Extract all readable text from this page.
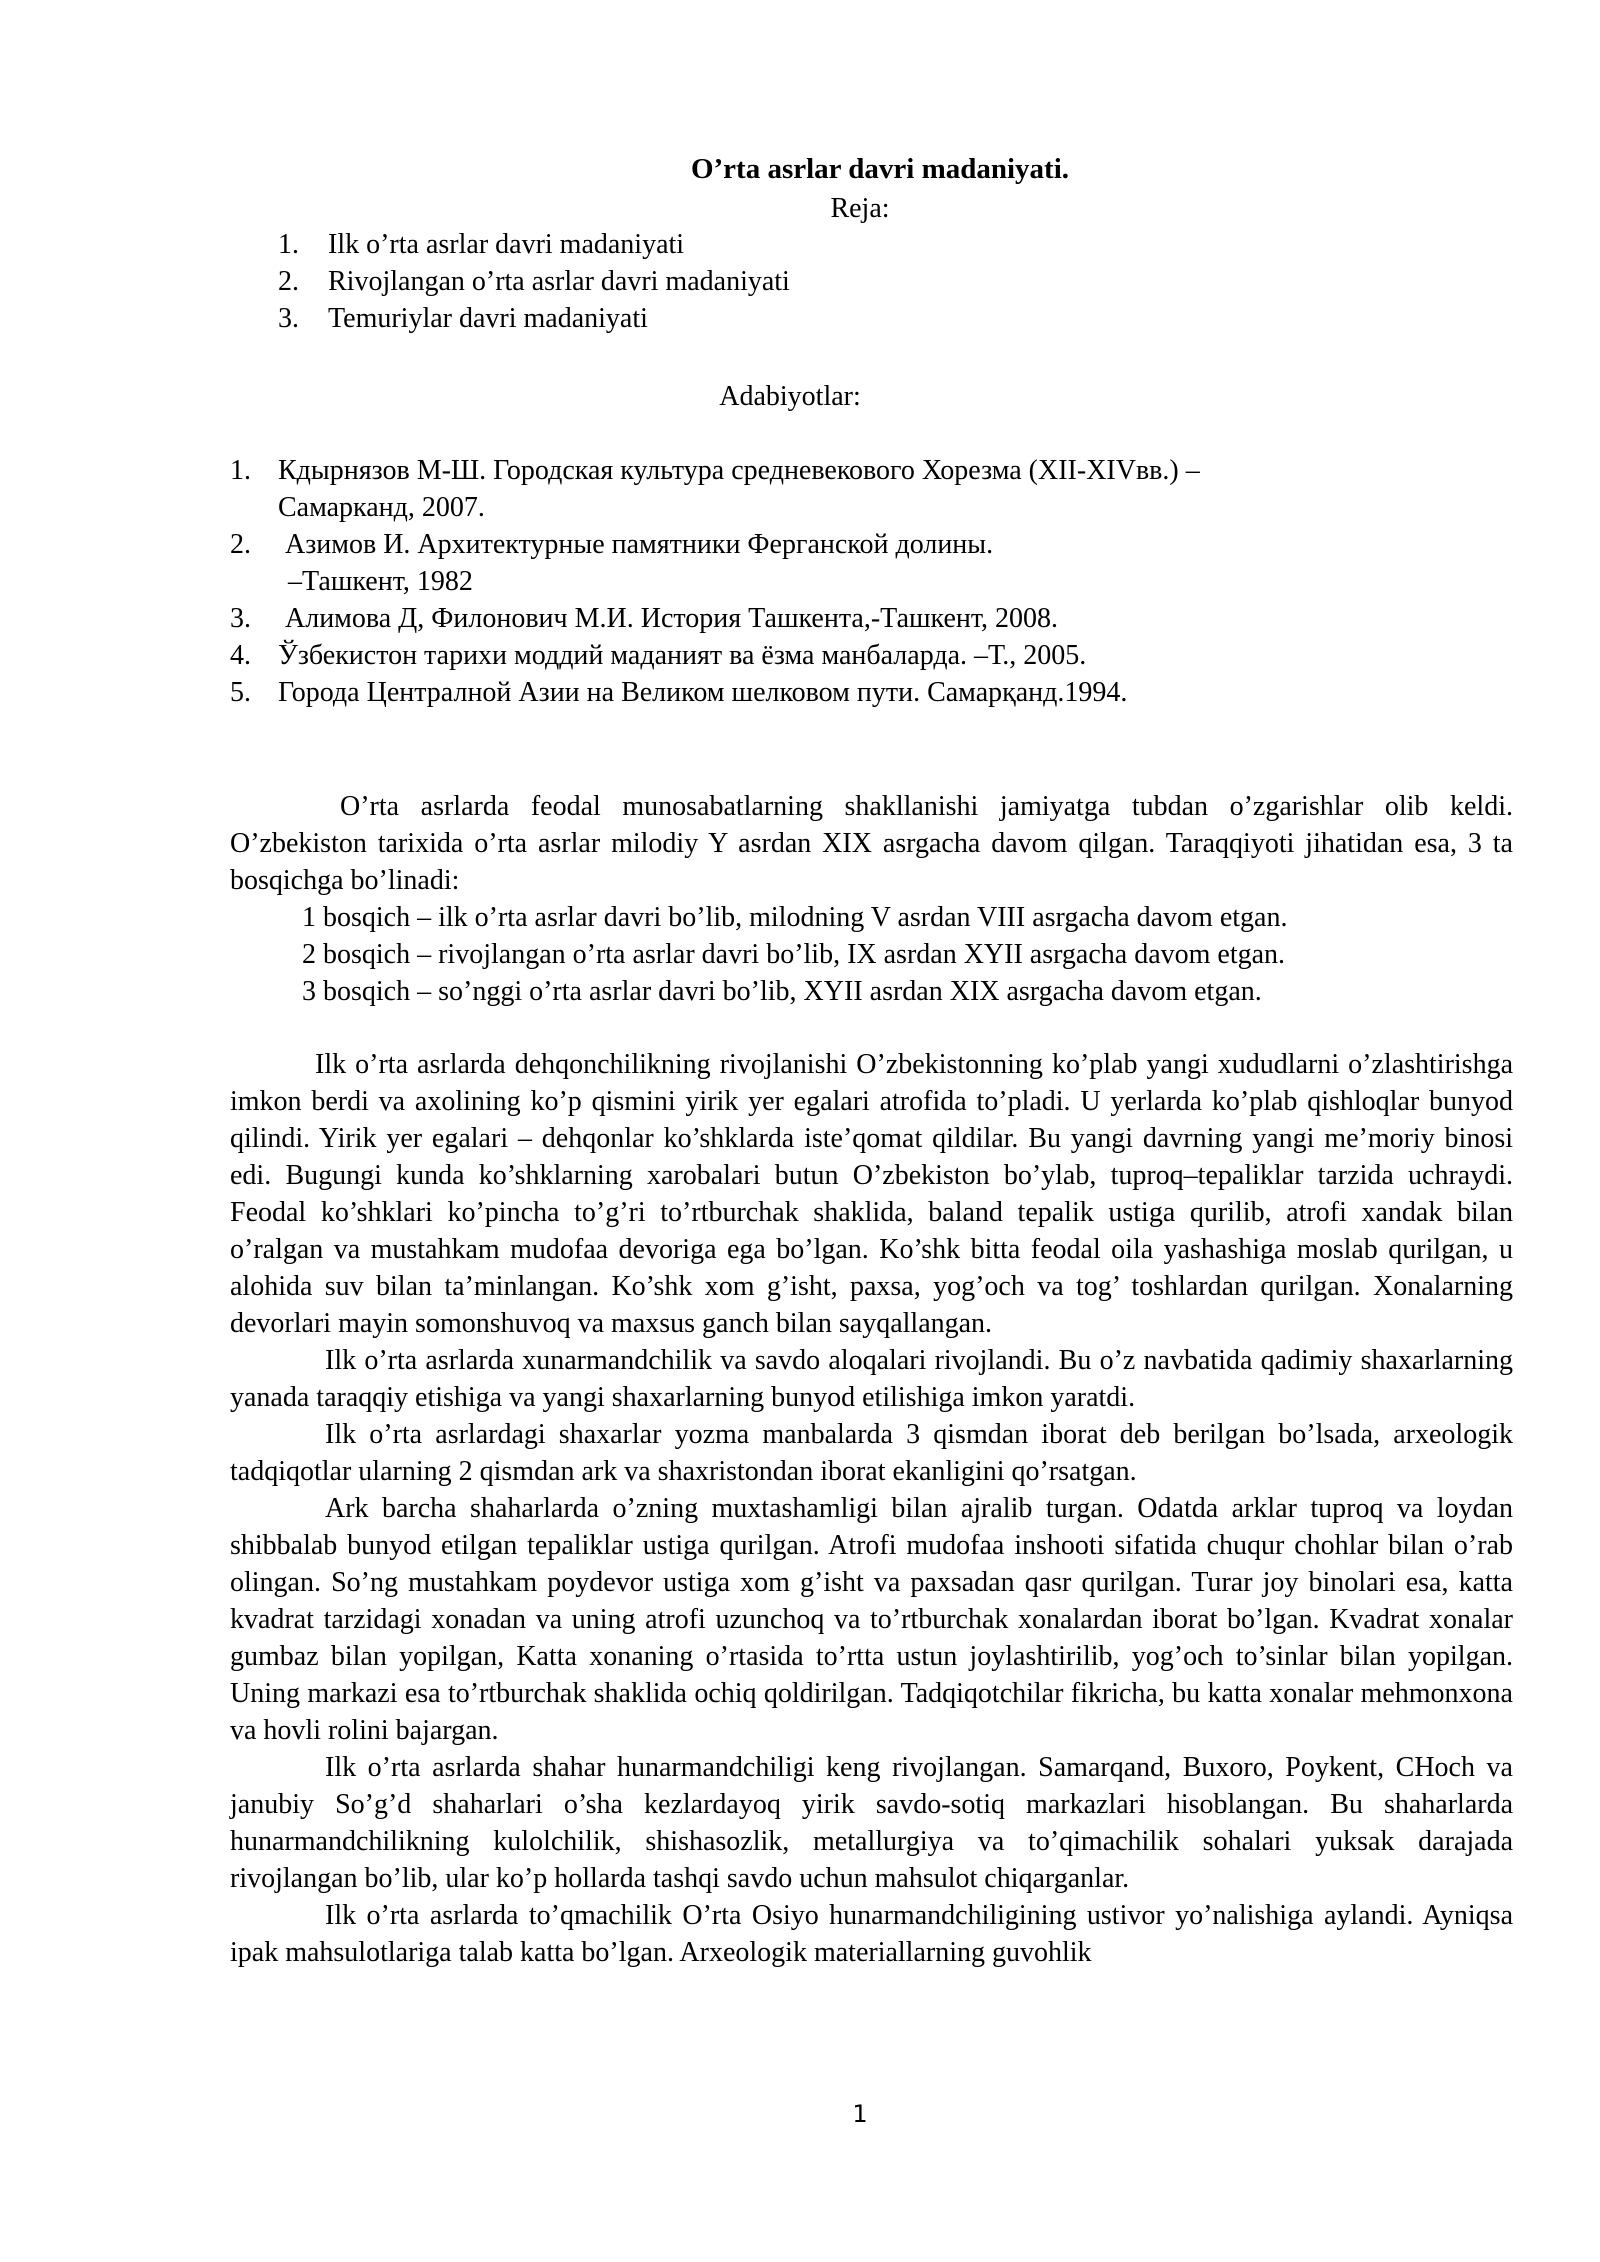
O’rta asrlar davri madaniyati.
Reja:
1. Ilk o’rta asrlar davri madaniyati
2. Rivojlangan o’rta asrlar davri madaniyati
3. Temuriylar davri madaniyati
Adabiyotlar:
1. Кдырнязов М-Ш. Городская культура средневекового Хорезма (XII-XIVвв.) –
Самарканд, 2007.
2. Азимов И. Архитектурные памятники Ферганской долины.
–Ташкент, 1982
3. Алимова Д, Филонович М.И. История Ташкента,-Ташкент, 2008.
4. Ўзбекистон тарихи моддий маданият ва ёзма манбаларда. –Т., 2005.
5. Города Централной Азии на Великом шелковом пути. Самарқанд.1994.

O’rta asrlarda feodal munosabatlarning shakllanishi jamiyatga tubdan o’zgarishlar olib keldi. O’zbekiston tarixida o’rta asrlar milodiy Y asrdan XIX asrgacha davom qilgan. Taraqqiyoti jihatidan esa, 3 ta bosqichga bo’linadi:

1 bosqich – ilk o’rta asrlar davri bo’lib, milodning V asrdan VIII asrgacha davom etgan.

2 bosqich – rivojlangan o’rta asrlar davri bo’lib, IX asrdan XYII asrgacha davom etgan.

3 bosqich – so’nggi o’rta asrlar davri bo’lib, XYII asrdan XIX asrgacha davom etgan.

Ilk o’rta asrlarda dehqonchilikning rivojlanishi O’zbekistonning ko’plab yangi xududlarni o’zlashtirishga imkon berdi va axolining ko’p qismini yirik yer egalari atrofida to’pladi. U yerlarda ko’plab qishloqlar bunyod qilindi. Yirik yer egalari – dehqonlar ko’shklarda iste’qomat qildilar. Bu yangi davrning yangi me’moriy binosi edi. Bugungi kunda ko’shklarning xarobalari butun O’zbekiston bo’ylab, tuproq–tepaliklar tarzida uchraydi. Feodal ko’shklari ko’pincha to’g’ri to’rtburchak shaklida, baland tepalik ustiga qurilib, atrofi xandak bilan o’ralgan va mustahkam mudofaa devoriga ega bo’lgan. Ko’shk bitta feodal oila yashashiga moslab qurilgan, u alohida suv bilan ta’minlangan. Ko’shk xom g’isht, paxsa, yog’och va tog’ toshlardan qurilgan. Xonalarning devorlari mayin somonshuvoq va maxsus ganch bilan sayqallangan.

Ilk o’rta asrlarda xunarmandchilik va savdo aloqalari rivojlandi. Bu o’z navbatida qadimiy shaxarlarning yanada taraqqiy etishiga va yangi shaxarlarning bunyod etilishiga imkon yaratdi.

Ilk o’rta asrlardagi shaxarlar yozma manbalarda 3 qismdan iborat deb berilgan bo’lsada, arxeologik tadqiqotlar ularning 2 qismdan ark va shaxristondan iborat ekanligini qo’rsatgan.

Ark barcha shaharlarda o’zning muxtashamligi bilan ajralib turgan. Odatda arklar tuproq va loydan shibbalab bunyod etilgan tepaliklar ustiga qurilgan. Atrofi mudofaa inshooti sifatida chuqur chohlar bilan o’rab olingan. So’ng mustahkam poydevor ustiga xom g’isht va paxsadan qasr qurilgan. Turar joy binolari esa, katta kvadrat tarzidagi xonadan va uning atrofi uzunchoq va to’rtburchak xonalardan iborat bo’lgan. Kvadrat xonalar gumbaz bilan yopilgan, Katta xonaning o’rtasida to’rtta ustun joylashtirilib, yog’och to’sinlar bilan yopilgan. Uning markazi esa to’rtburchak shaklida ochiq qoldirilgan. Tadqiqotchilar fikricha, bu katta xonalar mehmonxona va hovli rolini bajargan.

Ilk o’rta asrlarda shahar hunarmandchiligi keng rivojlangan. Samarqand, Buxoro, Poykent, CHoch va janubiy So’g’d shaharlari o’sha kezlardayoq yirik savdo-sotiq markazlari hisoblangan. Bu shaharlarda hunarmandchilikning kulolchilik, shishasozlik, metallurgiya va to’qimachilik sohalari yuksak darajada rivojlangan bo’lib, ular ko’p hollarda tashqi savdo uchun mahsulot chiqarganlar.

Ilk o’rta asrlarda to’qmachilik O’rta Osiyo hunarmandchiligining ustivor yo’nalishiga aylandi. Ayniqsa ipak mahsulotlariga talab katta bo’lgan. Arxeologik materiallarning guvohlik

1
